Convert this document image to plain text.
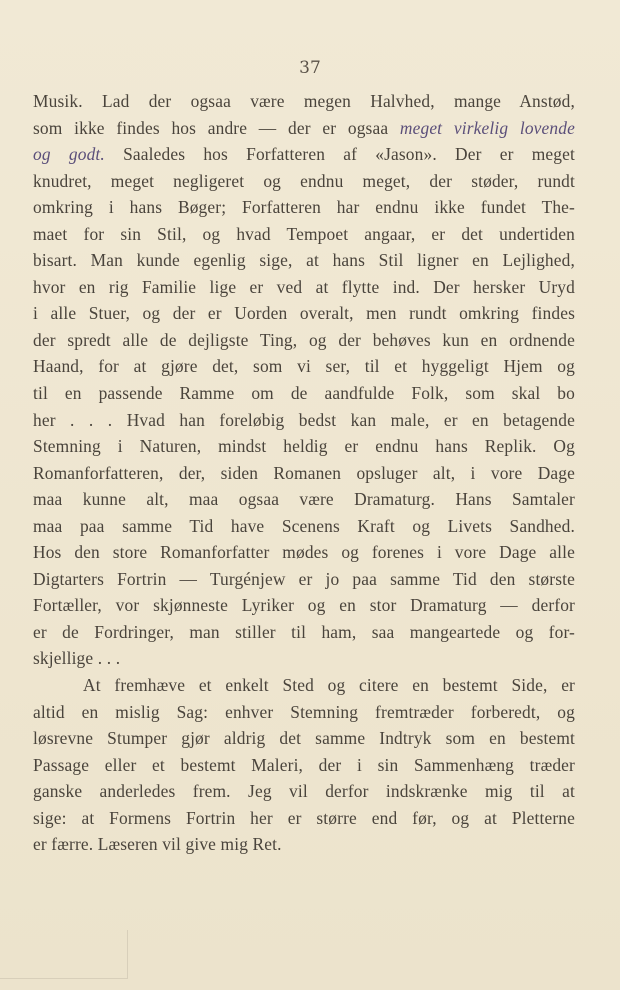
37
Musik. Lad der ogsaa være megen Halvhed, mange Anstød,
som ikke findes hos andre — der er ogsaa meget virkelig lovende
og godt. Saaledes hos Forfatteren af «Jason». Der er meget
knudret, meget negligeret og endnu meget, der støder, rundt
omkring i hans Bøger; Forfatteren har endnu ikke fundet The-
maet for sin Stil, og hvad Tempoet angaar, er det undertiden
bisart. Man kunde egenlig sige, at hans Stil ligner en Lejlighed,
hvor en rig Familie lige er ved at flytte ind. Der hersker Uryd
i alle Stuer, og der er Uorden overalt, men rundt omkring findes
der spredt alle de dejligste Ting, og der behøves kun en ordnende
Haand, for at gjøre det, som vi ser, til et hyggeligt Hjem og
til en passende Ramme om de aandfulde Folk, som skal bo
her . . . Hvad han foreløbig bedst kan male, er en betagende
Stemning i Naturen, mindst heldig er endnu hans Replik. Og
Romanforfatteren, der, siden Romanen opsluger alt, i vore Dage
maa kunne alt, maa ogsaa være Dramaturg. Hans Samtaler
maa paa samme Tid have Scenens Kraft og Livets Sandhed.
Hos den store Romanforfatter mødes og forenes i vore Dage alle
Digtarters Fortrin — Turgénjew er jo paa samme Tid den største
Fortæller, vor skjønneste Lyriker og en stor Dramaturg — derfor
er de Fordringer, man stiller til ham, saa mangeartede og for-
skjellige . . .
At fremhæve et enkelt Sted og citere en bestemt Side, er
altid en mislig Sag: enhver Stemning fremtræder forberedt, og
løsrevne Stumper gjør aldrig det samme Indtryk som en bestemt
Passage eller et bestemt Maleri, der i sin Sammenhæng træder
ganske anderledes frem. Jeg vil derfor indskrænke mig til at
sige: at Formens Fortrin her er større end før, og at Pletterne
er færre. Læseren vil give mig Ret.
